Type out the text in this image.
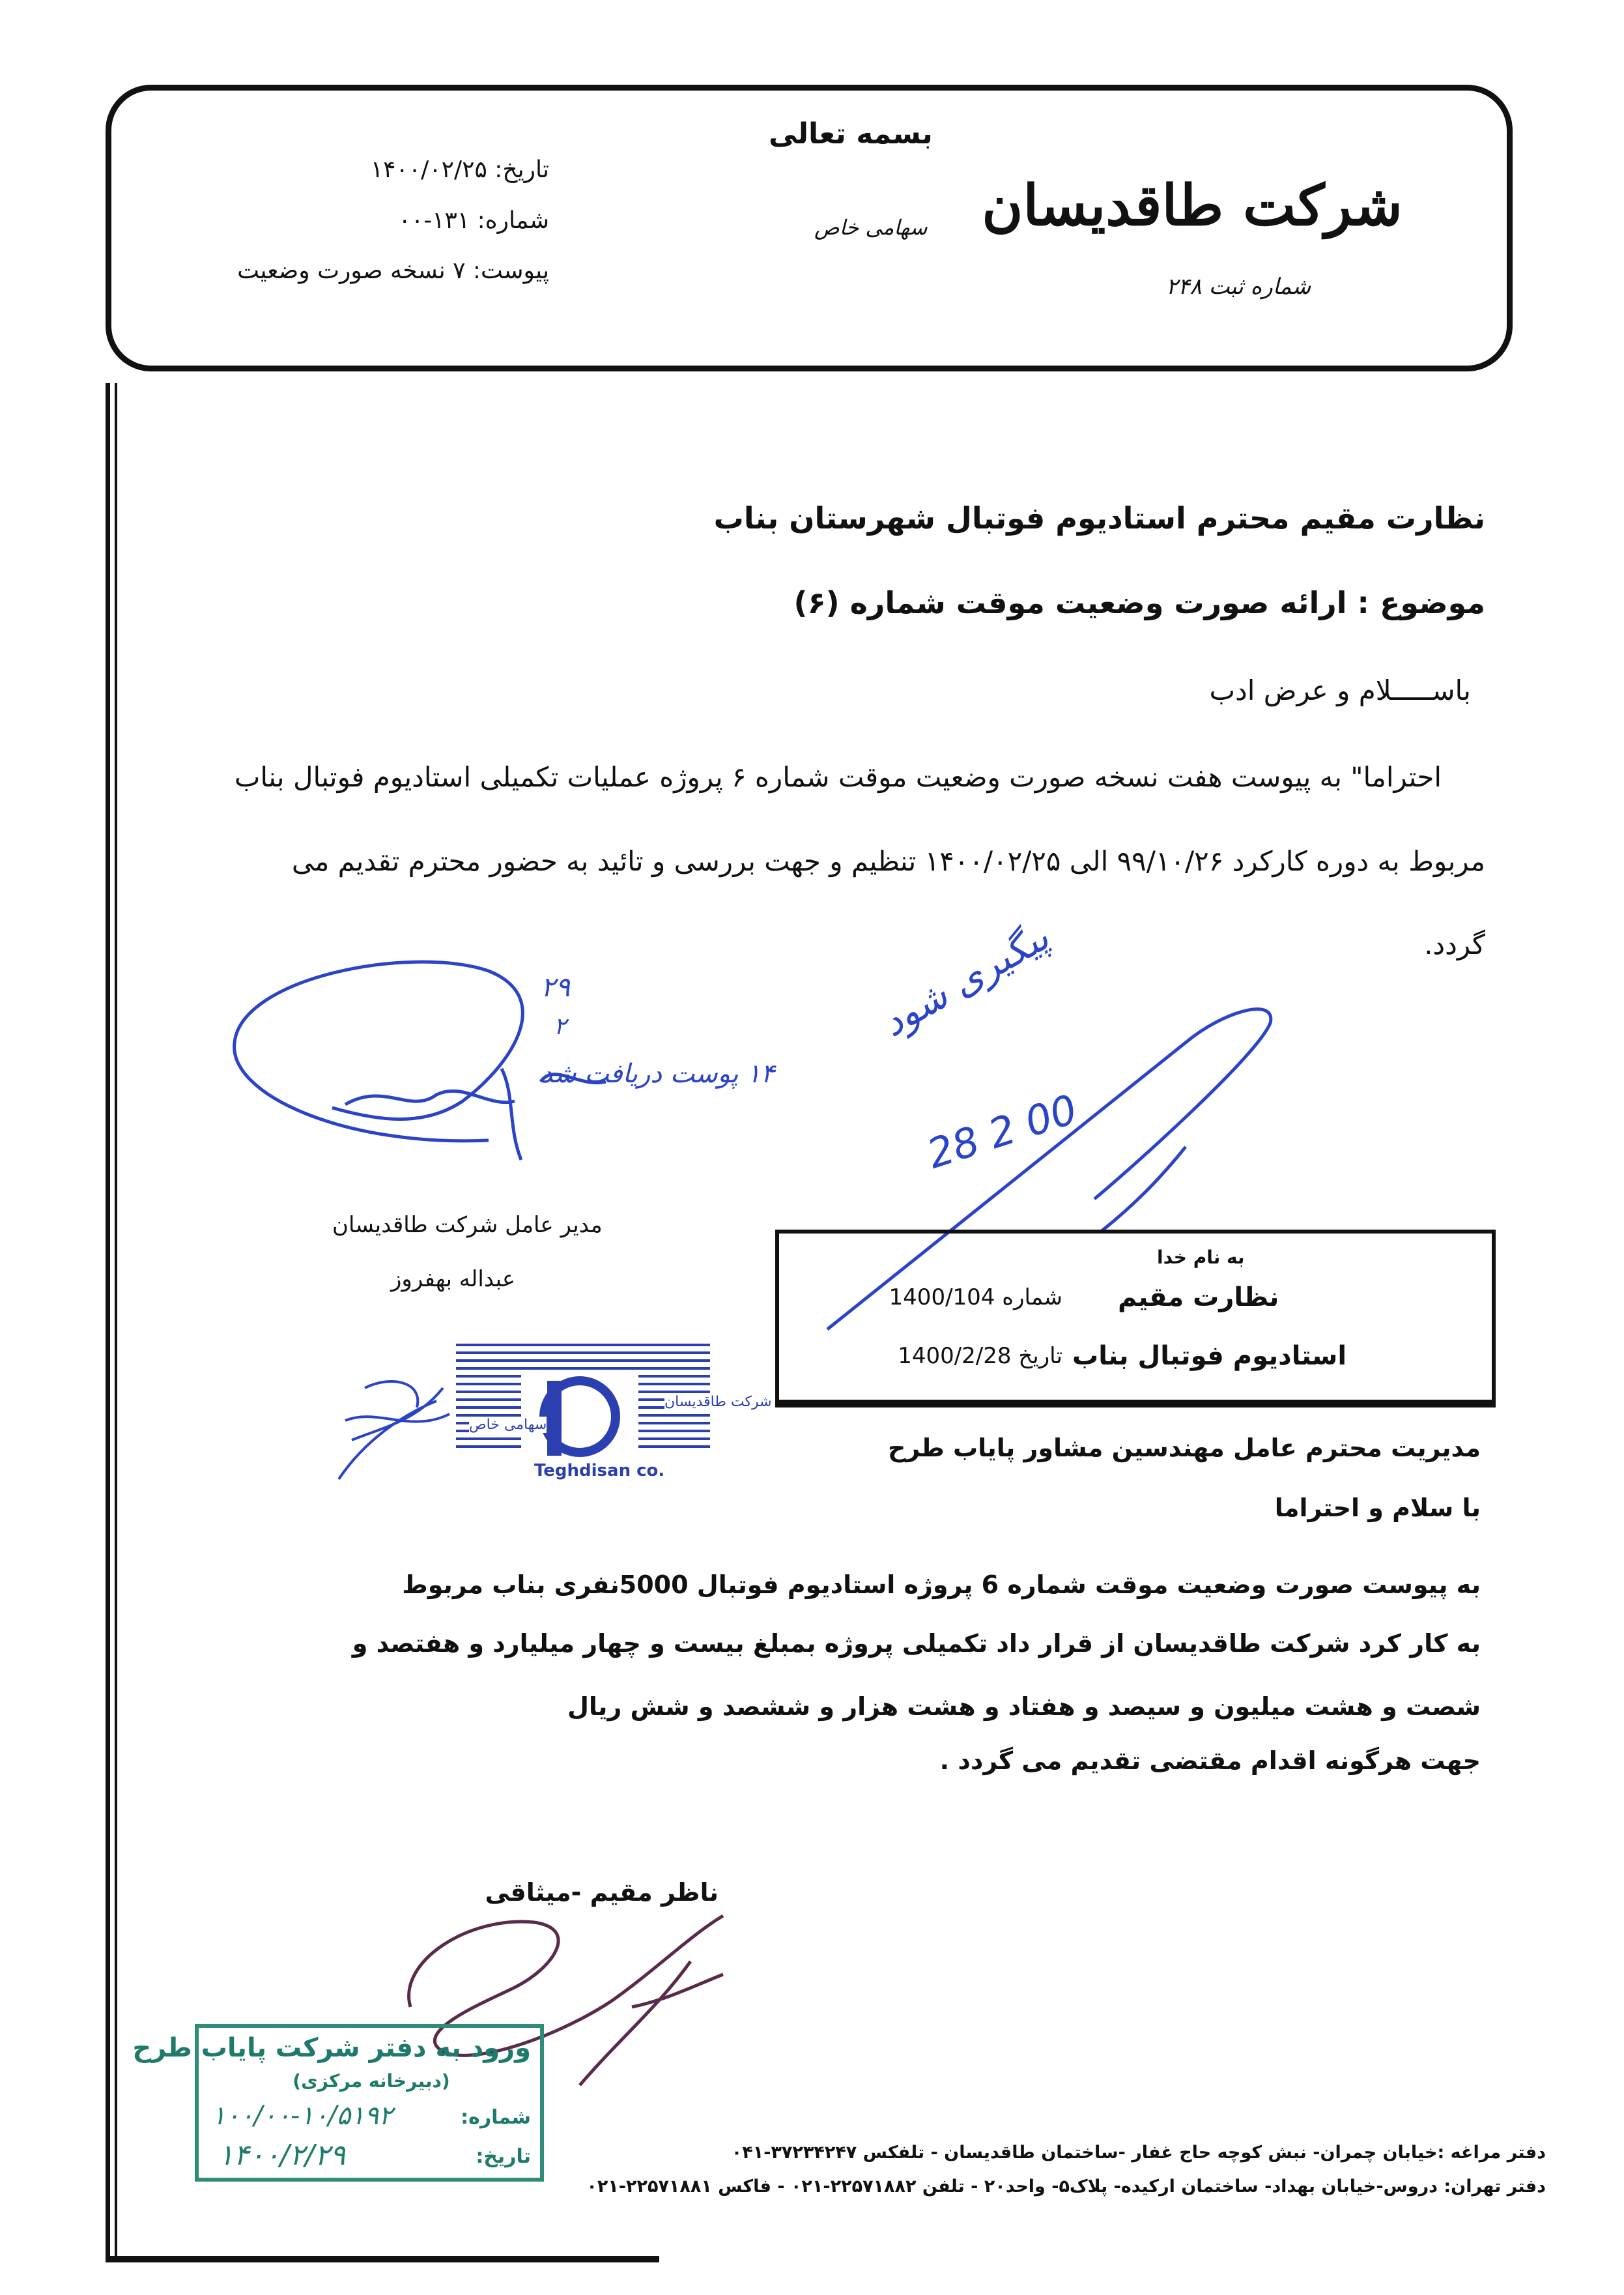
بسمه تعالی
شرکت طاقدیسان
سهامی خاص
شماره ثبت ۲۴۸
تاریخ: ۱۴۰۰/۰۲/۲۵
شماره: ۱۳۱-۰۰
پیوست: ۷ نسخه صورت وضعیت
نظارت مقیم محترم استادیوم فوتبال شهرستان بناب
موضوع : ارائه صورت وضعیت موقت شماره (۶)
باســـــلام و عرض ادب
احتراما" به پیوست هفت نسخه صورت وضعیت موقت شماره ۶ پروژه عملیات تکمیلی استادیوم فوتبال بناب
مربوط به دوره کارکرد ۹۹/۱۰/۲۶ الی ۱۴۰۰/۰۲/۲۵ تنظیم و جهت بررسی و تائید به حضور محترم تقدیم می
گردد.
۲۹
۲
۱۴ پوست دریافت شد
پیگیری شود
28 2 00
مدیر عامل شرکت طاقدیسان
عبداله بهفروز
Teghdisan co.
شرکت طاقدیسان
سهامی خاص
به نام خدا
نظارت مقیم
استادیوم فوتبال بناب
شماره 1400/104
تاریخ 1400/2/28
مدیریت محترم عامل مهندسین مشاور پایاب طرح
با سلام و احتراما
به پیوست صورت وضعیت موقت شماره 6 پروژه استادیوم فوتبال 5000نفری بناب مربوط
به کار کرد شرکت طاقدیسان از قرار داد تکمیلی پروژه بمبلغ بیست و چهار میلیارد و هفتصد و
شصت و هشت میلیون و سیصد و هفتاد و هشت هزار و ششصد و شش ریال
جهت هرگونه اقدام مقتضی تقدیم می گردد .
ناظر مقیم -میثاقی
ورود به دفتر شرکت پایاب طرح
(دبیرخانه مرکزی)
شماره:
۱۰۰/۰۰-۱۰/۵۱۹۲
تاریخ:
۱۴۰۰/۲/۲۹	دفتر مراغه :خیابان چمران- نبش کوچه حاج غفار -ساختمان طاقدیسان - تلفکس ۳۷۲۳۴۲۴۷-۰۴۱
دفتر تهران: دروس-خیابان بهداد- ساختمان ارکیده- پلاک۵- واحد۲۰ - تلفن ۲۲۵۷۱۸۸۲-۰۲۱ - فاکس ۲۲۵۷۱۸۸۱-۰۲۱
